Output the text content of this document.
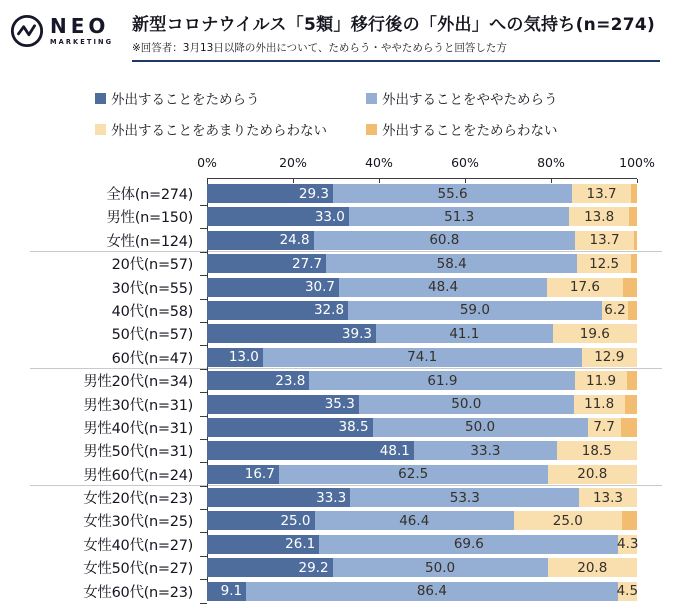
NEO
MARKETING
新型コロナウイルス「5類」移行後の「外出」への気持ち(n=274)
※回答者：3月13日以降の外出について、ためらう・ややためらうと回答した方
外出することをためらう	外出することをややためらう
外出することをあまりためらわない	外出することをためらわない
0%	20%	40%	60%	80%	100%
全体(n=274)	29.3	55.6	13.7
男性(n=150)	33.0	51.3	13.8
女性(n=124)	24.8	60.8	13.7
20代(n=57)	27.7	58.4	12.5
30代(n=55)	30.7	48.4	17.6
40代(n=58)	32.8	59.0	6.2
50代(n=57)	39.3	41.1	19.6
60代(n=47)	13.0	74.1	12.9
男性20代(n=34)	23.8	61.9	11.9
男性30代(n=31)	35.3	50.0	11.8
男性40代(n=31)	38.5	50.0	7.7
男性50代(n=31)	48.1	33.3	18.5
男性60代(n=24)	16.7	62.5	20.8
女性20代(n=23)	33.3	53.3	13.3
女性30代(n=25)	25.0	46.4	25.0
女性40代(n=27)	26.1	69.6	4.3
女性50代(n=27)	29.2	50.0	20.8
女性60代(n=23)	9.1	86.4	4.5
